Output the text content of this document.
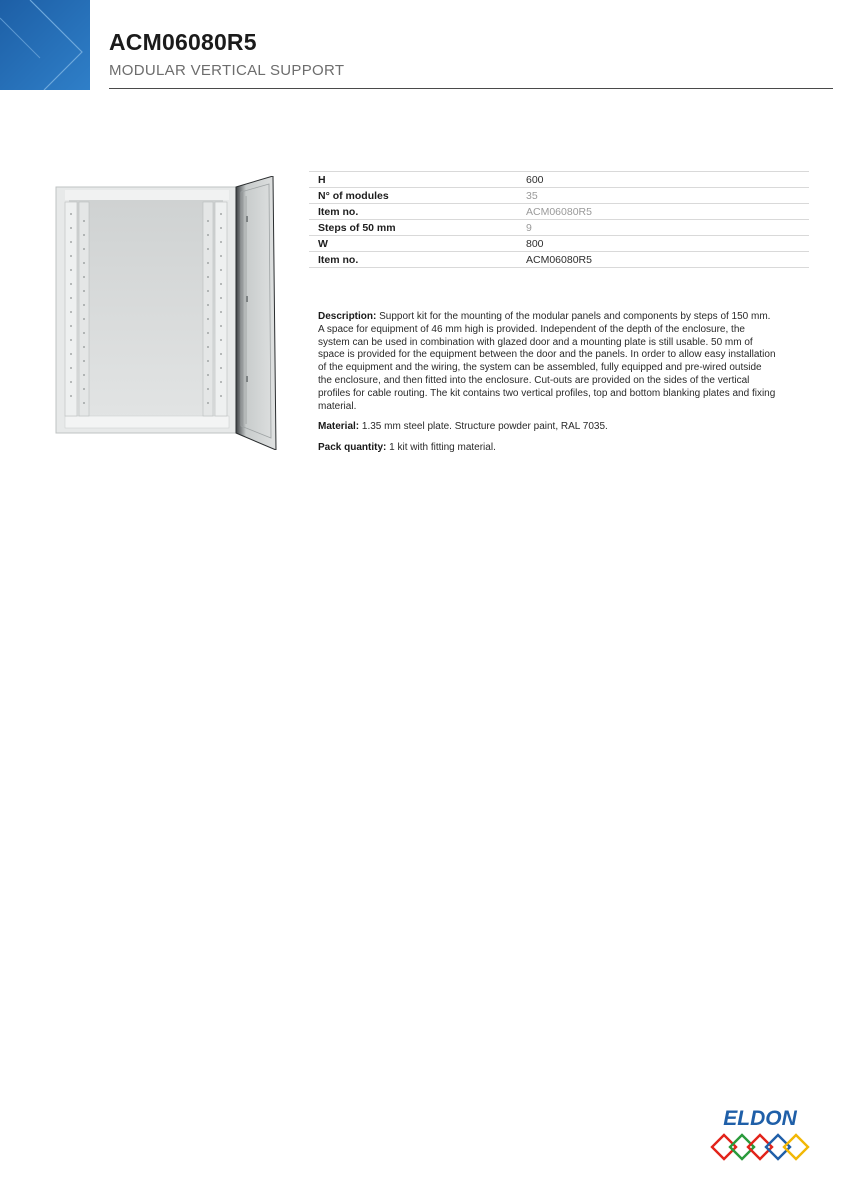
ACM06080R5
MODULAR VERTICAL SUPPORT
H	600
N° of modules	35
Item no.	ACM06080R5
Steps of 50 mm	9
W	800
Item no.	ACM06080R5

Description: Support kit for the mounting of the modular panels and components by steps of 150 mm. A space for equipment of 46 mm high is provided. Independent of the depth of the enclosure, the system can be used in combination with glazed door and a mounting plate is still usable. 50 mm of space is provided for the equipment between the door and the panels. In order to allow easy installation of the equipment and the wiring, the system can be assembled, fully equipped and pre-wired outside the enclosure, and then fitted into the enclosure. Cut-outs are provided on the sides of the vertical profiles for cable routing. The kit contains two vertical profiles, top and bottom blanking plates and fixing material.

Material: 1.35 mm steel plate. Structure powder paint, RAL 7035.

Pack quantity: 1 kit with fitting material.

ELDON
